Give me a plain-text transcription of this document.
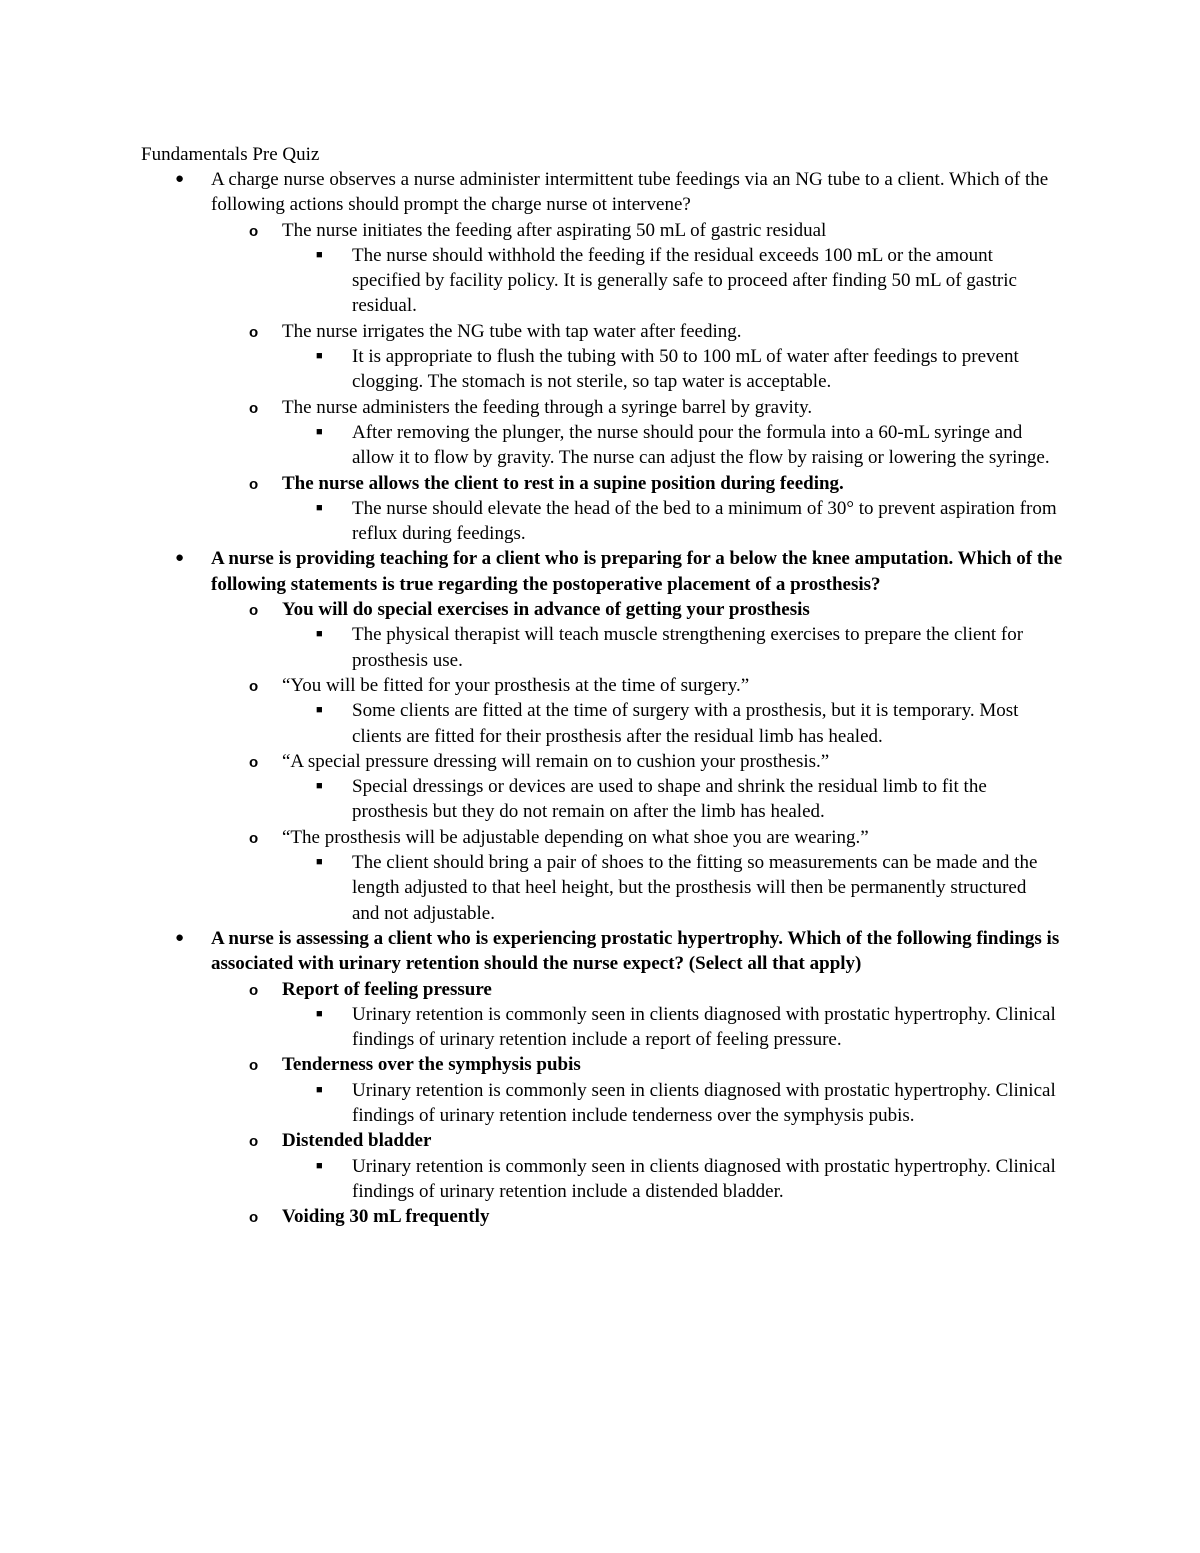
Fundamentals Pre Quiz
●	A charge nurse observes a nurse administer intermittent tube feedings via an NG tube to a client. Which of the following actions should prompt the charge nurse ot intervene?
o The nurse initiates the feeding after aspirating 50 mL of gastric residual
■ The nurse should withhold the feeding if the residual exceeds 100 mL or the amount specified by facility policy. It is generally safe to proceed after finding 50 mL of gastric residual.
o The nurse irrigates the NG tube with tap water after feeding.
■ It is appropriate to flush the tubing with 50 to 100 mL of water after feedings to prevent clogging. The stomach is not sterile, so tap water is acceptable.
o The nurse administers the feeding through a syringe barrel by gravity.
■ After removing the plunger, the nurse should pour the formula into a 60-mL syringe and allow it to flow by gravity. The nurse can adjust the flow by raising or lowering the syringe.
o The nurse allows the client to rest in a supine position during feeding.
■ The nurse should elevate the head of the bed to a minimum of 30° to prevent aspiration from reflux during feedings.
●	A nurse is providing teaching for a client who is preparing for a below the knee amputation. Which of the following statements is true regarding the postoperative placement of a prosthesis?
o You will do special exercises in advance of getting your prosthesis
■ The physical therapist will teach muscle strengthening exercises to prepare the client for prosthesis use.
o “You will be fitted for your prosthesis at the time of surgery.”
■ Some clients are fitted at the time of surgery with a prosthesis, but it is temporary. Most clients are fitted for their prosthesis after the residual limb has healed.
o “A special pressure dressing will remain on to cushion your prosthesis.”
■ Special dressings or devices are used to shape and shrink the residual limb to fit the prosthesis but they do not remain on after the limb has healed.
o “The prosthesis will be adjustable depending on what shoe you are wearing.”
■ The client should bring a pair of shoes to the fitting so measurements can be made and the length adjusted to that heel height, but the prosthesis will then be permanently structured and not adjustable.
●	A nurse is assessing a client who is experiencing prostatic hypertrophy. Which of the following findings is associated with urinary retention should the nurse expect? (Select all that apply)
o Report of feeling pressure
■ Urinary retention is commonly seen in clients diagnosed with prostatic hypertrophy. Clinical findings of urinary retention include a report of feeling pressure.
o Tenderness over the symphysis pubis
■ Urinary retention is commonly seen in clients diagnosed with prostatic hypertrophy. Clinical findings of urinary retention include tenderness over the symphysis pubis.
o Distended bladder
■ Urinary retention is commonly seen in clients diagnosed with prostatic hypertrophy. Clinical findings of urinary retention include a distended bladder.
o Voiding 30 mL frequently
